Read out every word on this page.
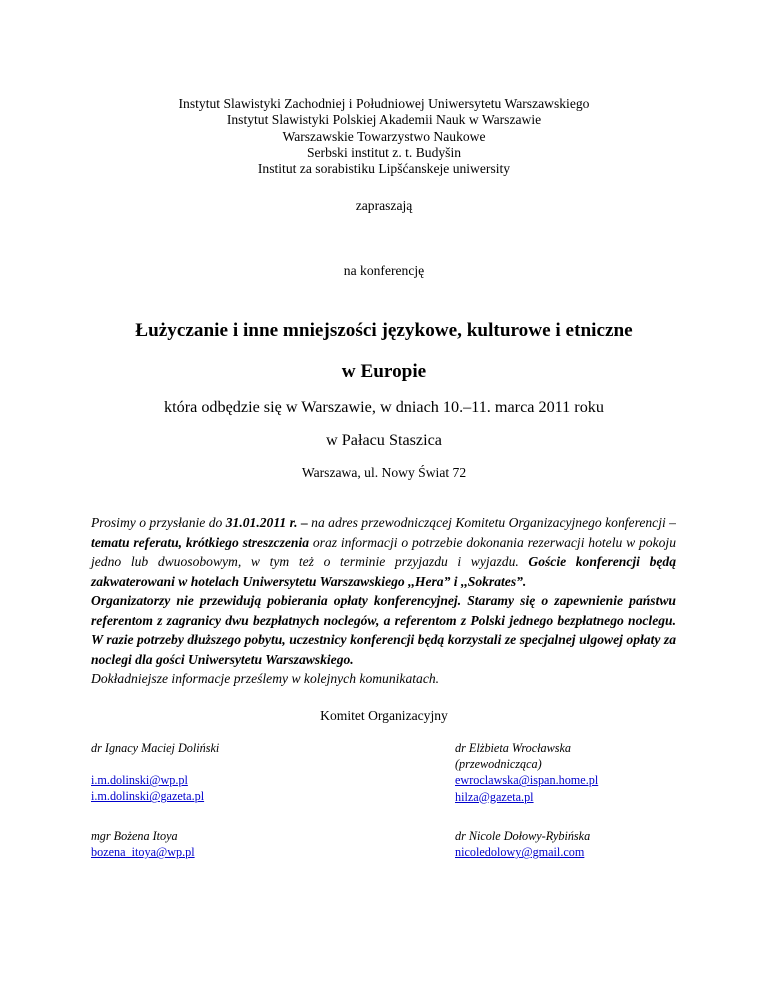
Instytut Slawistyki Zachodniej i Południowej Uniwersytetu Warszawskiego
Instytut Slawistyki Polskiej Akademii Nauk w Warszawie
Warszawskie Towarzystwo Naukowe
Serbski institut z. t. Budyšin
Institut za sorabistiku Lipšćanskeje uniwersity
zapraszają
na konferencję
Łużyczanie i inne mniejszości językowe, kulturowe i etniczne
w Europie
która odbędzie się w Warszawie, w dniach 10.–11. marca 2011 roku
w Pałacu Staszica
Warszawa, ul. Nowy Świat 72

Prosimy o przysłanie do 31.01.2011 r. – na adres przewodniczącej Komitetu Organizacyjnego konferencji – tematu referatu, krótkiego streszczenia oraz informacji o potrzebie dokonania rezerwacji hotelu w pokoju jedno lub dwuosobowym, w tym też o terminie przyjazdu i wyjazdu. Goście konferencji będą zakwaterowani w hotelach Uniwersytetu Warszawskiego ,,Hera” i ,,Sokrates”.

Organizatorzy nie przewidują pobierania opłaty konferencyjnej. Staramy się o zapewnienie państwu referentom z zagranicy dwu bezpłatnych noclegów, a referentom z Polski jednego bezpłatnego noclegu. W razie potrzeby dłuższego pobytu, uczestnicy konferencji będą korzystali ze specjalnej ulgowej opłaty za noclegi dla gości Uniwersytetu Warszawskiego.

Dokładniejsze informacje prześlemy w kolejnych komunikatach.

Komitet Organizacyjny
dr Ignacy Maciej Doliński
i.m.dolinski@wp.pl
i.m.dolinski@gazeta.pl
dr Elżbieta Wrocławska
(przewodnicząca)
ewroclawska@ispan.home.pl
hilza@gazeta.pl
mgr Bożena Itoya
bozena_itoya@wp.pl
dr Nicole Dołowy-Rybińska
nicoledolowy@gmail.com
